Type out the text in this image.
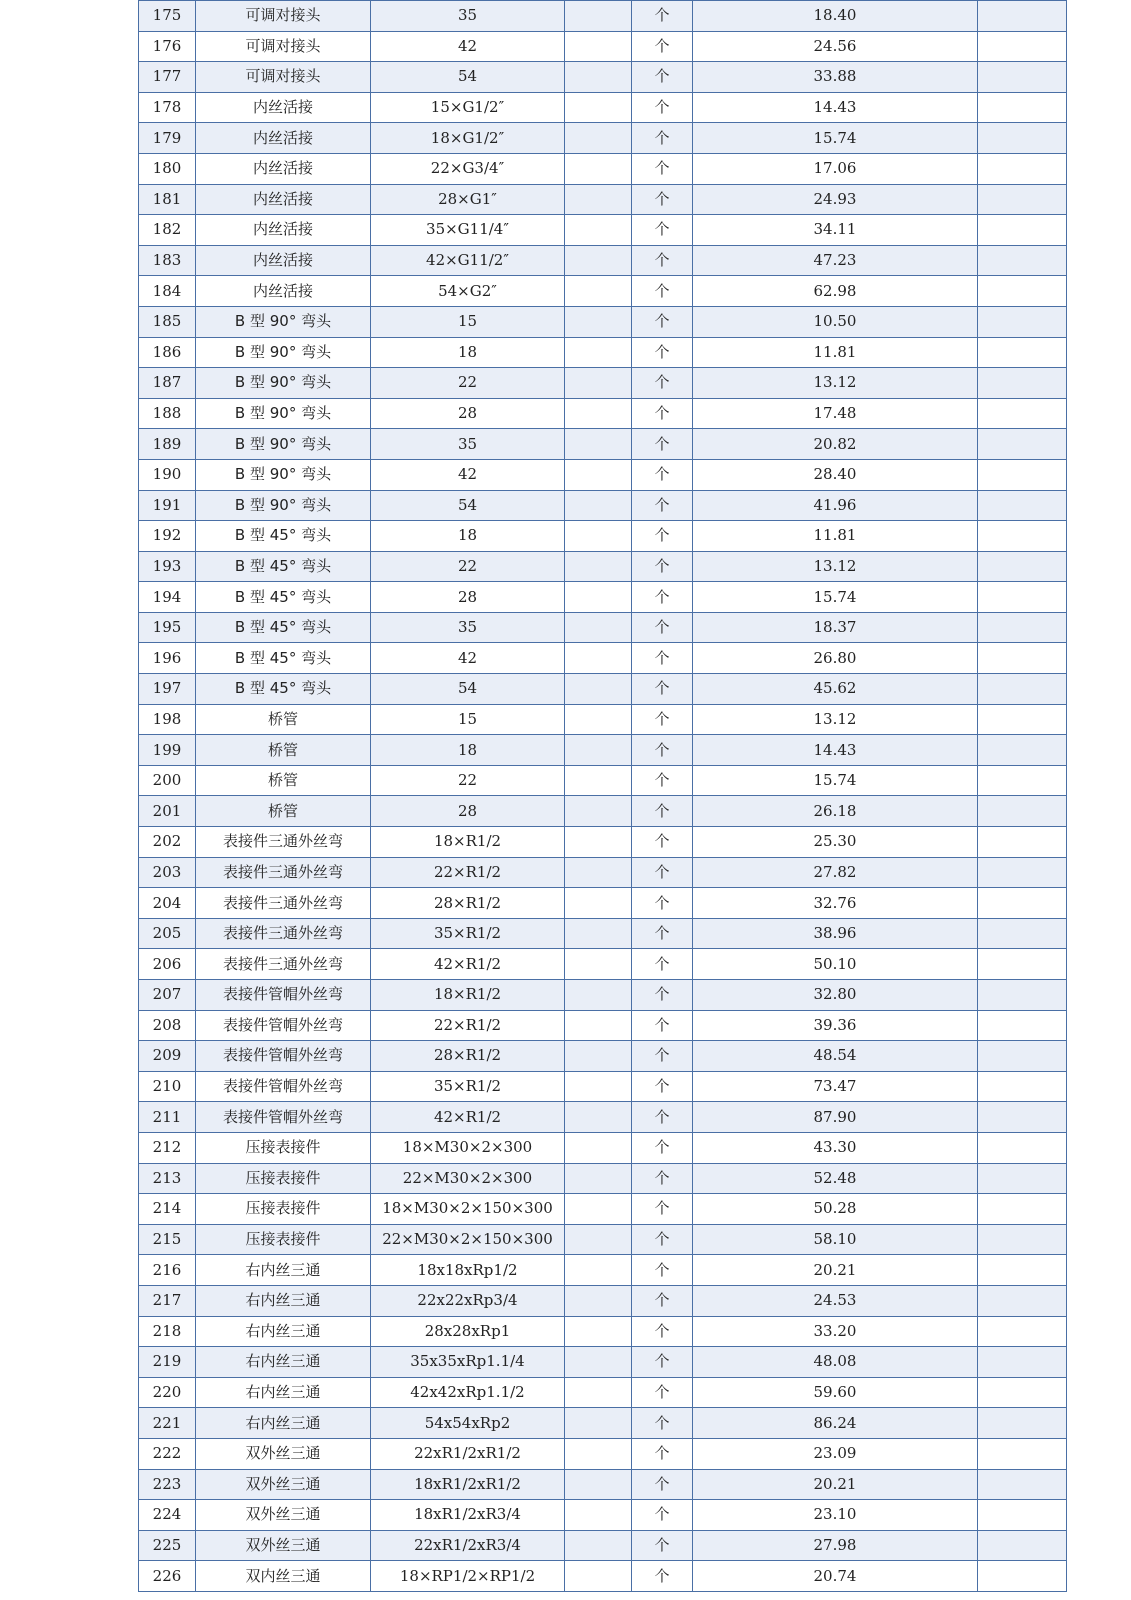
175	可调对接头	35		个	18.40	
176	可调对接头	42		个	24.56	
177	可调对接头	54		个	33.88	
178	内丝活接	15×G1/2″		个	14.43	
179	内丝活接	18×G1/2″		个	15.74	
180	内丝活接	22×G3/4″		个	17.06	
181	内丝活接	28×G1″		个	24.93	
182	内丝活接	35×G11/4″		个	34.11	
183	内丝活接	42×G11/2″		个	47.23	
184	内丝活接	54×G2″		个	62.98	
185	B 型 90° 弯头	15		个	10.50	
186	B 型 90° 弯头	18		个	11.81	
187	B 型 90° 弯头	22		个	13.12	
188	B 型 90° 弯头	28		个	17.48	
189	B 型 90° 弯头	35		个	20.82	
190	B 型 90° 弯头	42		个	28.40	
191	B 型 90° 弯头	54		个	41.96	
192	B 型 45° 弯头	18		个	11.81	
193	B 型 45° 弯头	22		个	13.12	
194	B 型 45° 弯头	28		个	15.74	
195	B 型 45° 弯头	35		个	18.37	
196	B 型 45° 弯头	42		个	26.80	
197	B 型 45° 弯头	54		个	45.62	
198	桥管	15		个	13.12	
199	桥管	18		个	14.43	
200	桥管	22		个	15.74	
201	桥管	28		个	26.18	
202	表接件三通外丝弯	18×R1/2		个	25.30	
203	表接件三通外丝弯	22×R1/2		个	27.82	
204	表接件三通外丝弯	28×R1/2		个	32.76	
205	表接件三通外丝弯	35×R1/2		个	38.96	
206	表接件三通外丝弯	42×R1/2		个	50.10	
207	表接件管帽外丝弯	18×R1/2		个	32.80	
208	表接件管帽外丝弯	22×R1/2		个	39.36	
209	表接件管帽外丝弯	28×R1/2		个	48.54	
210	表接件管帽外丝弯	35×R1/2		个	73.47	
211	表接件管帽外丝弯	42×R1/2		个	87.90	
212	压接表接件	18×M30×2×300		个	43.30	
213	压接表接件	22×M30×2×300		个	52.48	
214	压接表接件	18×M30×2×150×300		个	50.28	
215	压接表接件	22×M30×2×150×300		个	58.10	
216	右内丝三通	18x18xRp1/2		个	20.21	
217	右内丝三通	22x22xRp3/4		个	24.53	
218	右内丝三通	28x28xRp1		个	33.20	
219	右内丝三通	35x35xRp1.1/4		个	48.08	
220	右内丝三通	42x42xRp1.1/2		个	59.60	
221	右内丝三通	54x54xRp2		个	86.24	
222	双外丝三通	22xR1/2xR1/2		个	23.09	
223	双外丝三通	18xR1/2xR1/2		个	20.21	
224	双外丝三通	18xR1/2xR3/4		个	23.10	
225	双外丝三通	22xR1/2xR3/4		个	27.98	
226	双内丝三通	18×RP1/2×RP1/2		个	20.74	
